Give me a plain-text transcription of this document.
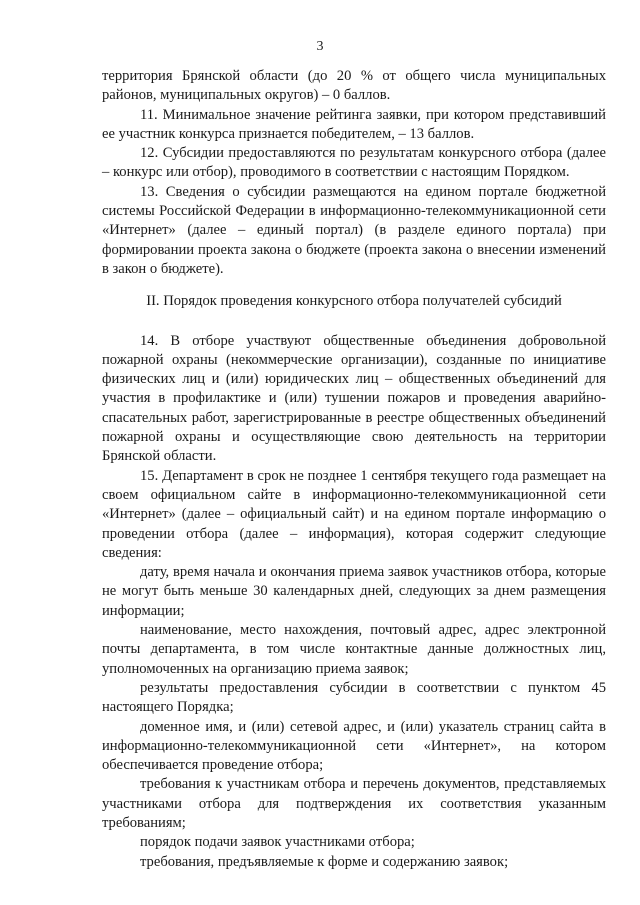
3

территория Брянской области (до 20 % от общего числа муниципальных районов, муниципальных округов) – 0 баллов.

11. Минимальное значение рейтинга заявки, при котором представивший ее участник конкурса признается победителем, – 13 баллов.

12. Субсидии предоставляются по результатам конкурсного отбора (далее – конкурс или отбор), проводимого в соответствии с настоящим Порядком.

13. Сведения о субсидии размещаются на едином портале бюджетной системы Российской Федерации в информационно-телекоммуникационной сети «Интернет» (далее – единый портал) (в разделе единого портала) при формировании проекта закона о бюджете (проекта закона о внесении изменений в закон о бюджете).

II. Порядок проведения конкурсного отбора получателей субсидий

14. В отборе участвуют общественные объединения добровольной пожарной охраны (некоммерческие организации), созданные по инициативе физических лиц и (или) юридических лиц – общественных объединений для участия в профилактике и (или) тушении пожаров и проведения аварийно-спасательных работ, зарегистрированные в реестре общественных объединений пожарной охраны и осуществляющие свою деятельность на территории Брянской области.

15. Департамент в срок не позднее 1 сентября текущего года размещает на своем официальном сайте в информационно-телекоммуникационной сети «Интернет» (далее – официальный сайт) и на едином портале информацию о проведении отбора (далее – информация), которая содержит следующие сведения:

дату, время начала и окончания приема заявок участников отбора, которые не могут быть меньше 30 календарных дней, следующих за днем размещения информации;

наименование, место нахождения, почтовый адрес, адрес электронной почты департамента, в том числе контактные данные должностных лиц, уполномоченных на организацию приема заявок;

результаты предоставления субсидии в соответствии с пунктом 45 настоящего Порядка;

доменное имя, и (или) сетевой адрес, и (или) указатель страниц сайта в информационно-телекоммуникационной сети «Интернет», на котором обеспечивается проведение отбора;

требования к участникам отбора и перечень документов, представляемых участниками отбора для подтверждения их соответствия указанным требованиям;

порядок подачи заявок участниками отбора;

требования, предъявляемые к форме и содержанию заявок;
